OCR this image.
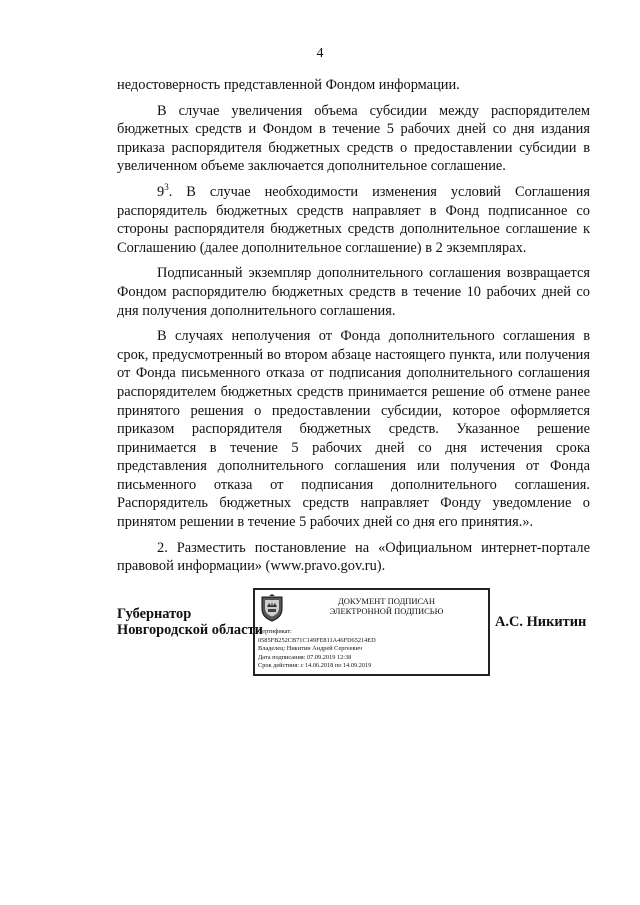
4

недостоверность представленной Фондом информации.

В случае увеличения объема субсидии между распорядителем бюджетных средств и Фондом в течение 5 рабочих дней со дня издания приказа распорядителя бюджетных средств о предоставлении субсидии в увеличенном объеме заключается дополнительное соглашение.

$9^3$. В случае необходимости изменения условий Соглашения распорядитель бюджетных средств направляет в Фонд подписанное со стороны распорядителя бюджетных средств дополнительное соглашение к Соглашению (далее дополнительное соглашение) в 2 экземплярах.

Подписанный экземпляр дополнительного соглашения возвращается Фондом распорядителю бюджетных средств в течение 10 рабочих дней со дня получения дополнительного соглашения.

В случаях неполучения от Фонда дополнительного соглашения в срок, предусмотренный во втором абзаце настоящего пункта, или получения от Фонда письменного отказа от подписания дополнительного соглашения распорядителем бюджетных средств принимается решение об отмене ранее принятого решения о предоставлении субсидии, которое оформляется приказом распорядителя бюджетных средств. Указанное решение принимается в течение 5 рабочих дней со дня истечения срока представления дополнительного соглашения или получения от Фонда письменного отказа от подписания дополнительного соглашения. Распорядитель бюджетных средств направляет Фонду уведомление о принятом решении в течение 5 рабочих дней со дня его принятия.».

2. Разместить постановление на «Официальном интернет-портале правовой информации» (www.pravo.gov.ru).

Губернатор
Новгородской области
ДОКУМЕНТ ПОДПИСАН
ЭЛЕКТРОННОЙ ПОДПИСЬЮ
Сертификат:
0585FB252CB71C149FE811A46FD65214ED
Владелец: Никитин Андрей Сергеевич
Дата подписания: 07.09.2019 12:38
Срок действия: с 14.06.2018 по 14.09.2019
А.С. Никитин
